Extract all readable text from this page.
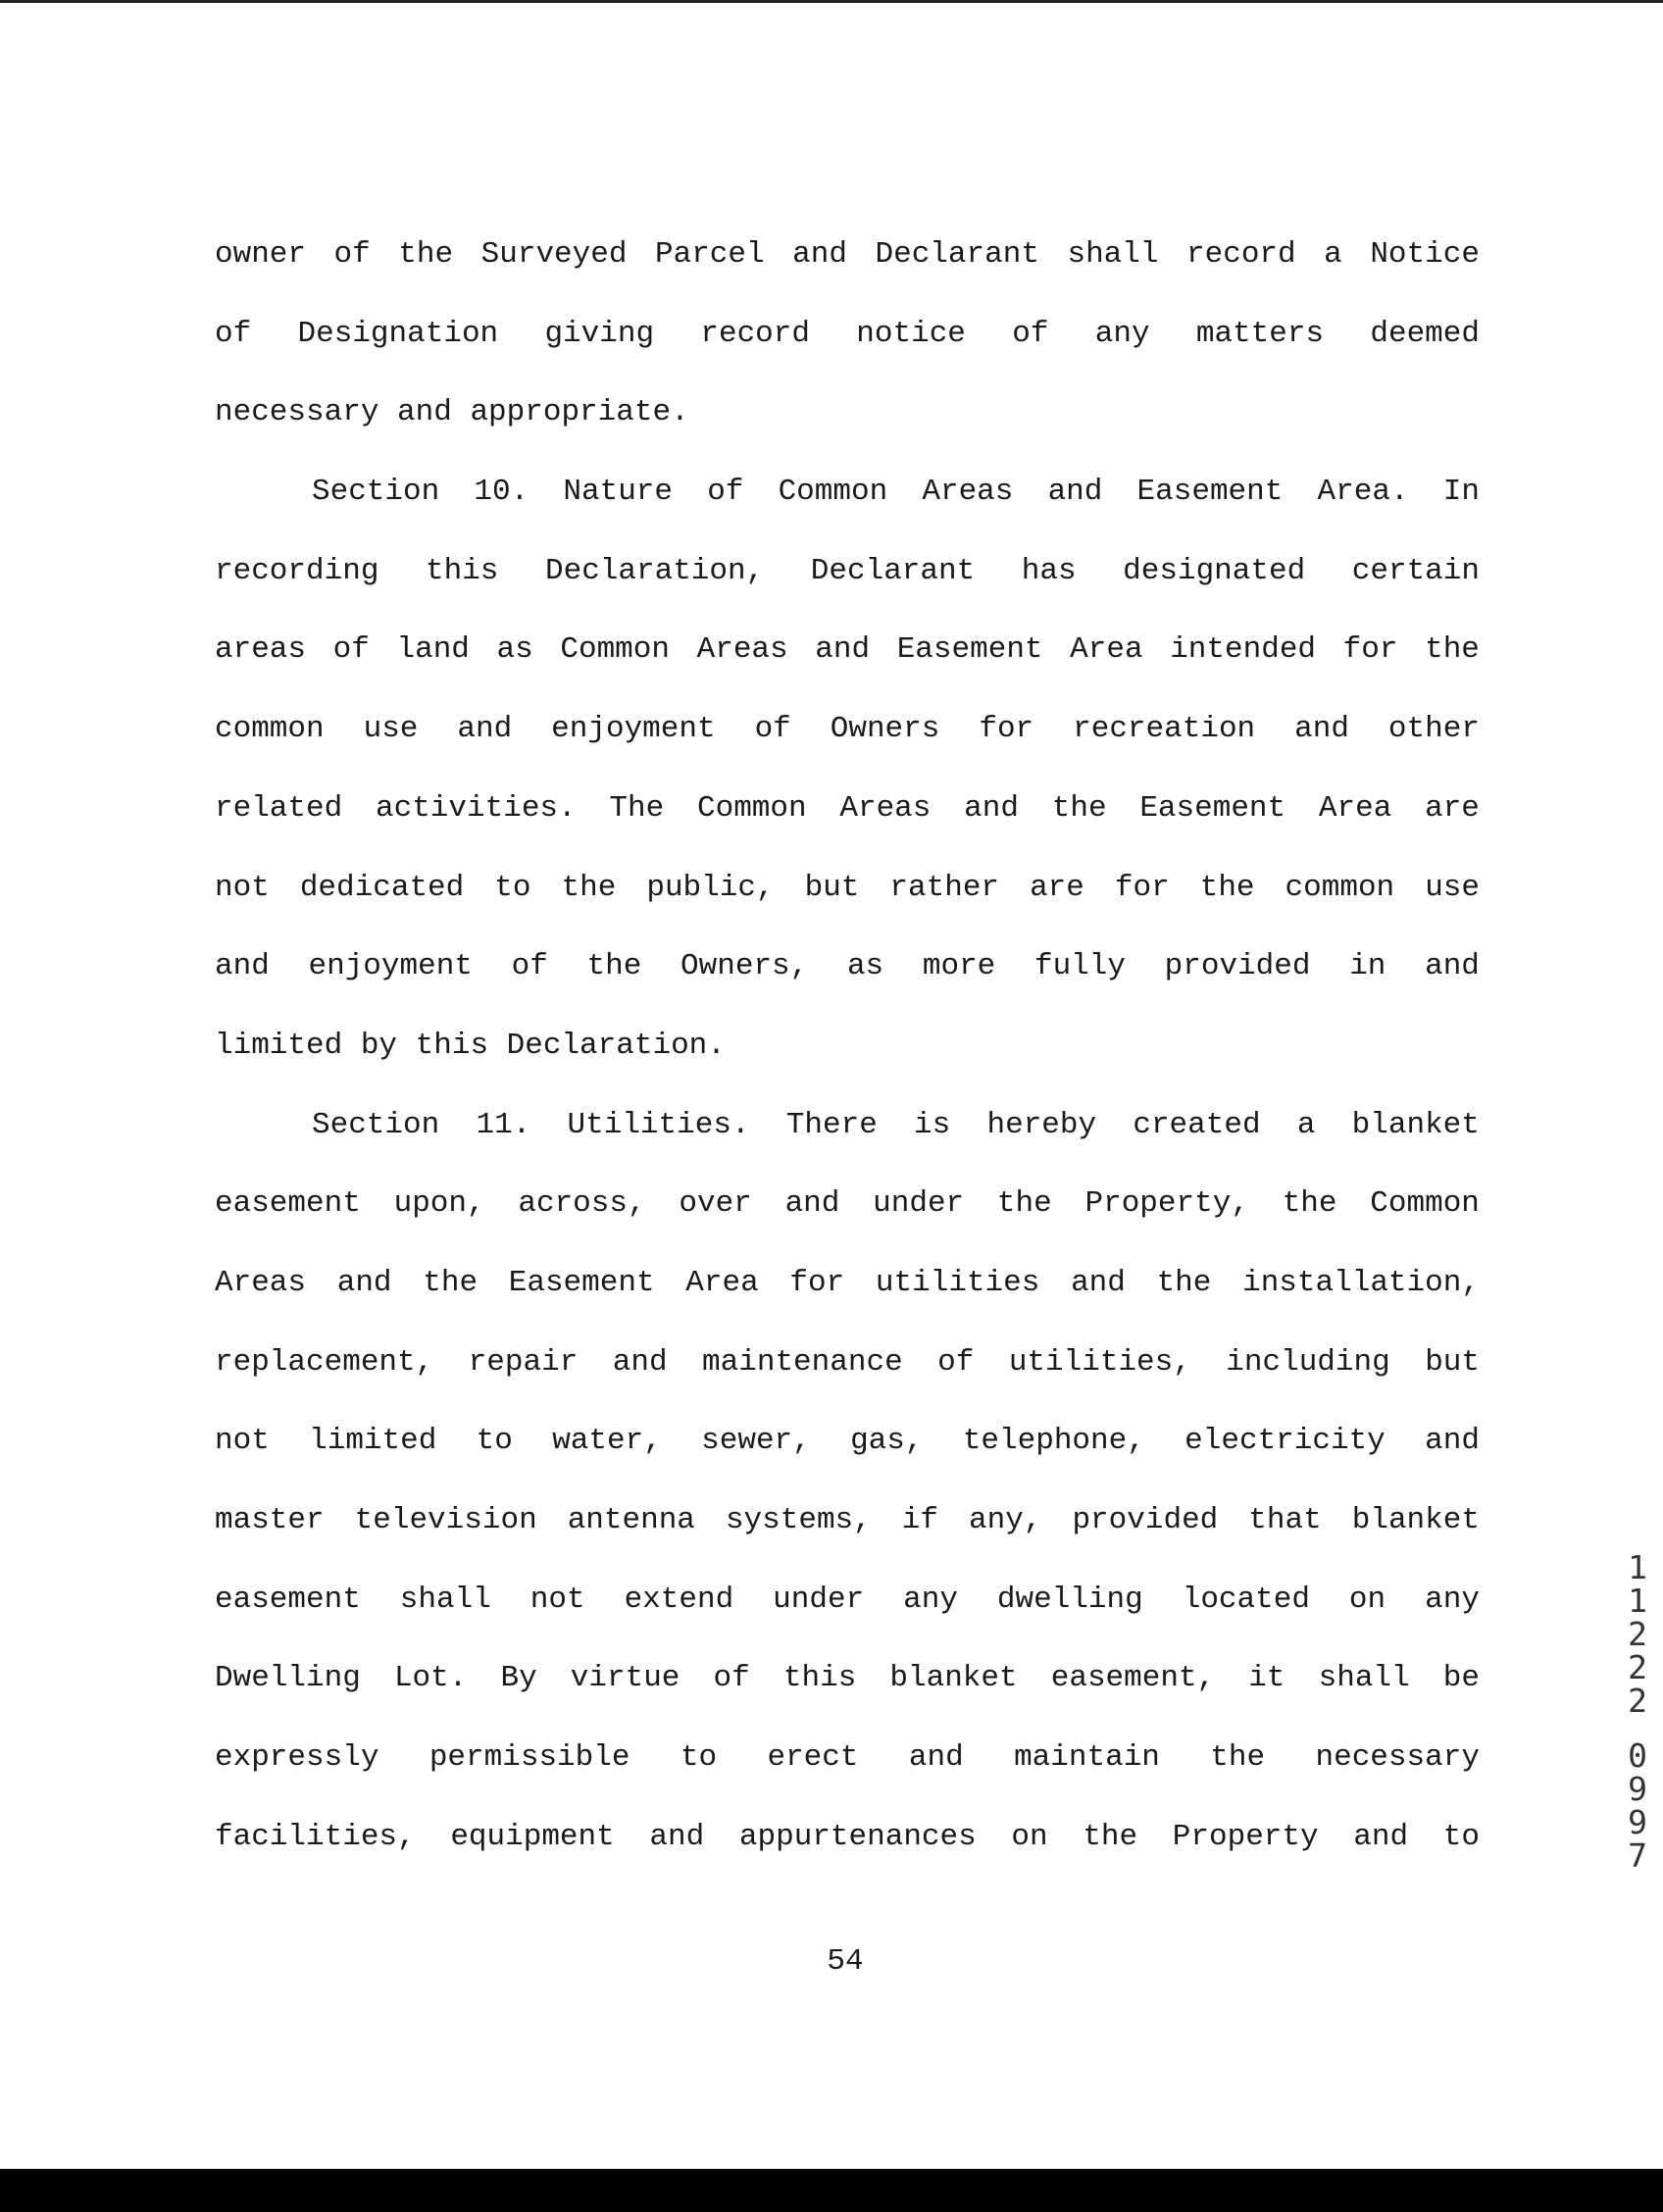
owner of the Surveyed Parcel and Declarant shall record a Notice
of Designation giving record notice of any matters deemed
necessary and appropriate.
Section 10. Nature of Common Areas and Easement Area. In
recording this Declaration, Declarant has designated certain
areas of land as Common Areas and Easement Area intended for the
common use and enjoyment of Owners for recreation and other
related activities. The Common Areas and the Easement Area are
not dedicated to the public, but rather are for the common use
and enjoyment of the Owners, as more fully provided in and
limited by this Declaration.
Section 11. Utilities. There is hereby created a blanket
easement upon, across, over and under the Property, the Common
Areas and the Easement Area for utilities and the installation,
replacement, repair and maintenance of utilities, including but
not limited to water, sewer, gas, telephone, electricity and
master television antenna systems, if any, provided that blanket
easement shall not extend under any dwelling located on any
Dwelling Lot. By virtue of this blanket easement, it shall be
expressly permissible to erect and maintain the necessary
facilities, equipment and appurtenances on the Property and to
54
1
1
2
2
2
0
9
9
7
